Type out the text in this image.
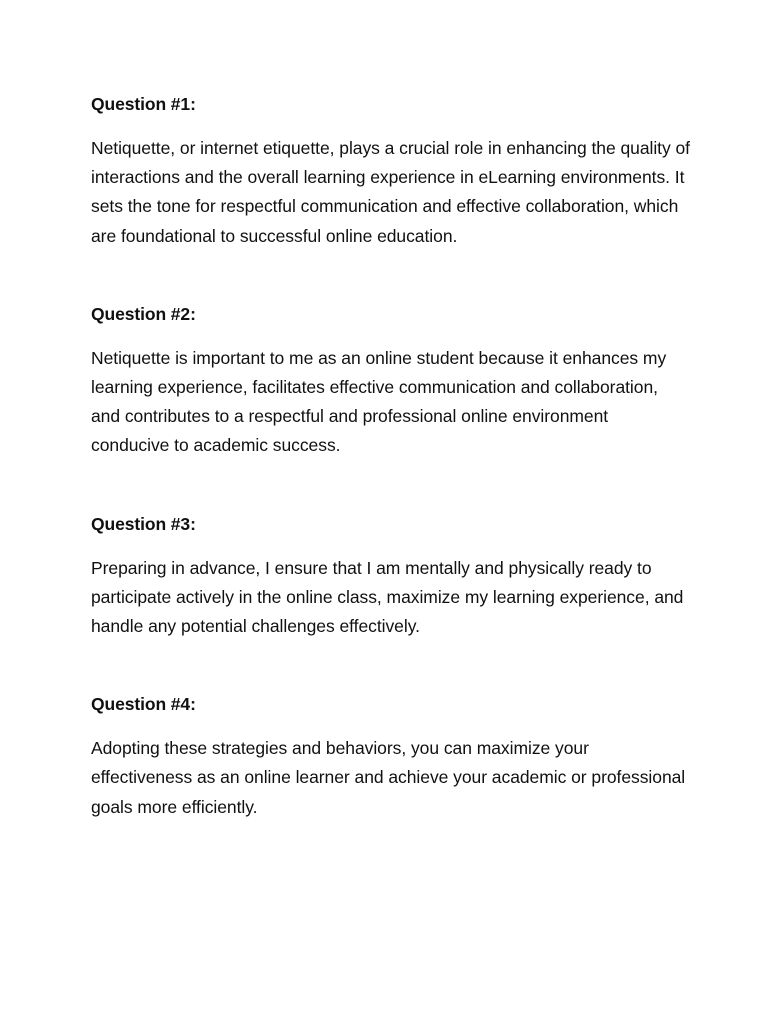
Question #1:

Netiquette, or internet etiquette, plays a crucial role in enhancing the quality of interactions and the overall learning experience in eLearning environments. It sets the tone for respectful communication and effective collaboration, which are foundational to successful online education.

Question #2:

Netiquette is important to me as an online student because it enhances my learning experience, facilitates effective communication and collaboration, and contributes to a respectful and professional online environment conducive to academic success.

Question #3:

Preparing in advance, I ensure that I am mentally and physically ready to participate actively in the online class, maximize my learning experience, and handle any potential challenges effectively.

Question #4:

Adopting these strategies and behaviors, you can maximize your effectiveness as an online learner and achieve your academic or professional goals more efficiently.
